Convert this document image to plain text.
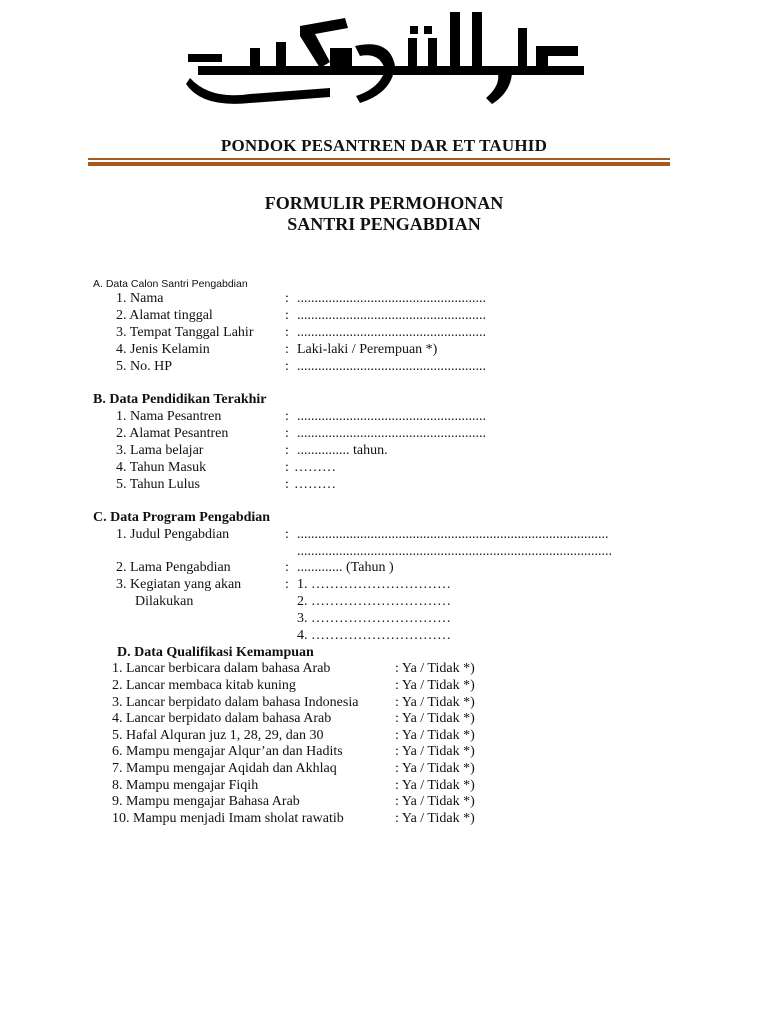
دار التوحيد
PONDOK PESANTREN DAR ET TAUHID
FORMULIR PERMOHONAN
SANTRI PENGABDIAN
A. Data Calon Santri Pengabdian
1. Nama	: ......................................................
2. Alamat tinggal	: ......................................................
3. Tempat Tanggal Lahir : ......................................................
4. Jenis Kelamin	: Laki-laki / Perempuan *)
5. No. HP	: ......................................................
B. Data Pendidikan Terakhir
1. Nama Pesantren	: ......................................................
2. Alamat Pesantren	: ......................................................
3. Lama belajar	: ............... tahun.
4. Tahun Masuk	: ………
5. Tahun Lulus	: ………
C. Data Program Pengabdian
1. Judul Pengabdian	: .........................................................................................
..........................................................................................
2. Lama Pengabdian	: ............. (Tahun )
3. Kegiatan yang akan
Dilakukan
: 1. …………………………
2. …………………………
3. …………………………
4. …………………………
D. Data Qualifikasi Kemampuan
1. Lancar berbicara dalam bahasa Arab	: Ya / Tidak *)
2. Lancar membaca kitab kuning	: Ya / Tidak *)
3. Lancar berpidato dalam bahasa Indonesia	: Ya / Tidak *)
4. Lancar berpidato dalam bahasa Arab	: Ya / Tidak *)
5. Hafal Alquran juz 1, 28, 29, dan 30	: Ya / Tidak *)
6. Mampu mengajar Alqur’an dan Hadits	: Ya / Tidak *)
7. Mampu mengajar Aqidah dan Akhlaq	: Ya / Tidak *)
8. Mampu mengajar Fiqih	: Ya / Tidak *)
9. Mampu mengajar Bahasa Arab	: Ya / Tidak *)
10. Mampu menjadi Imam sholat rawatib	: Ya / Tidak *)
